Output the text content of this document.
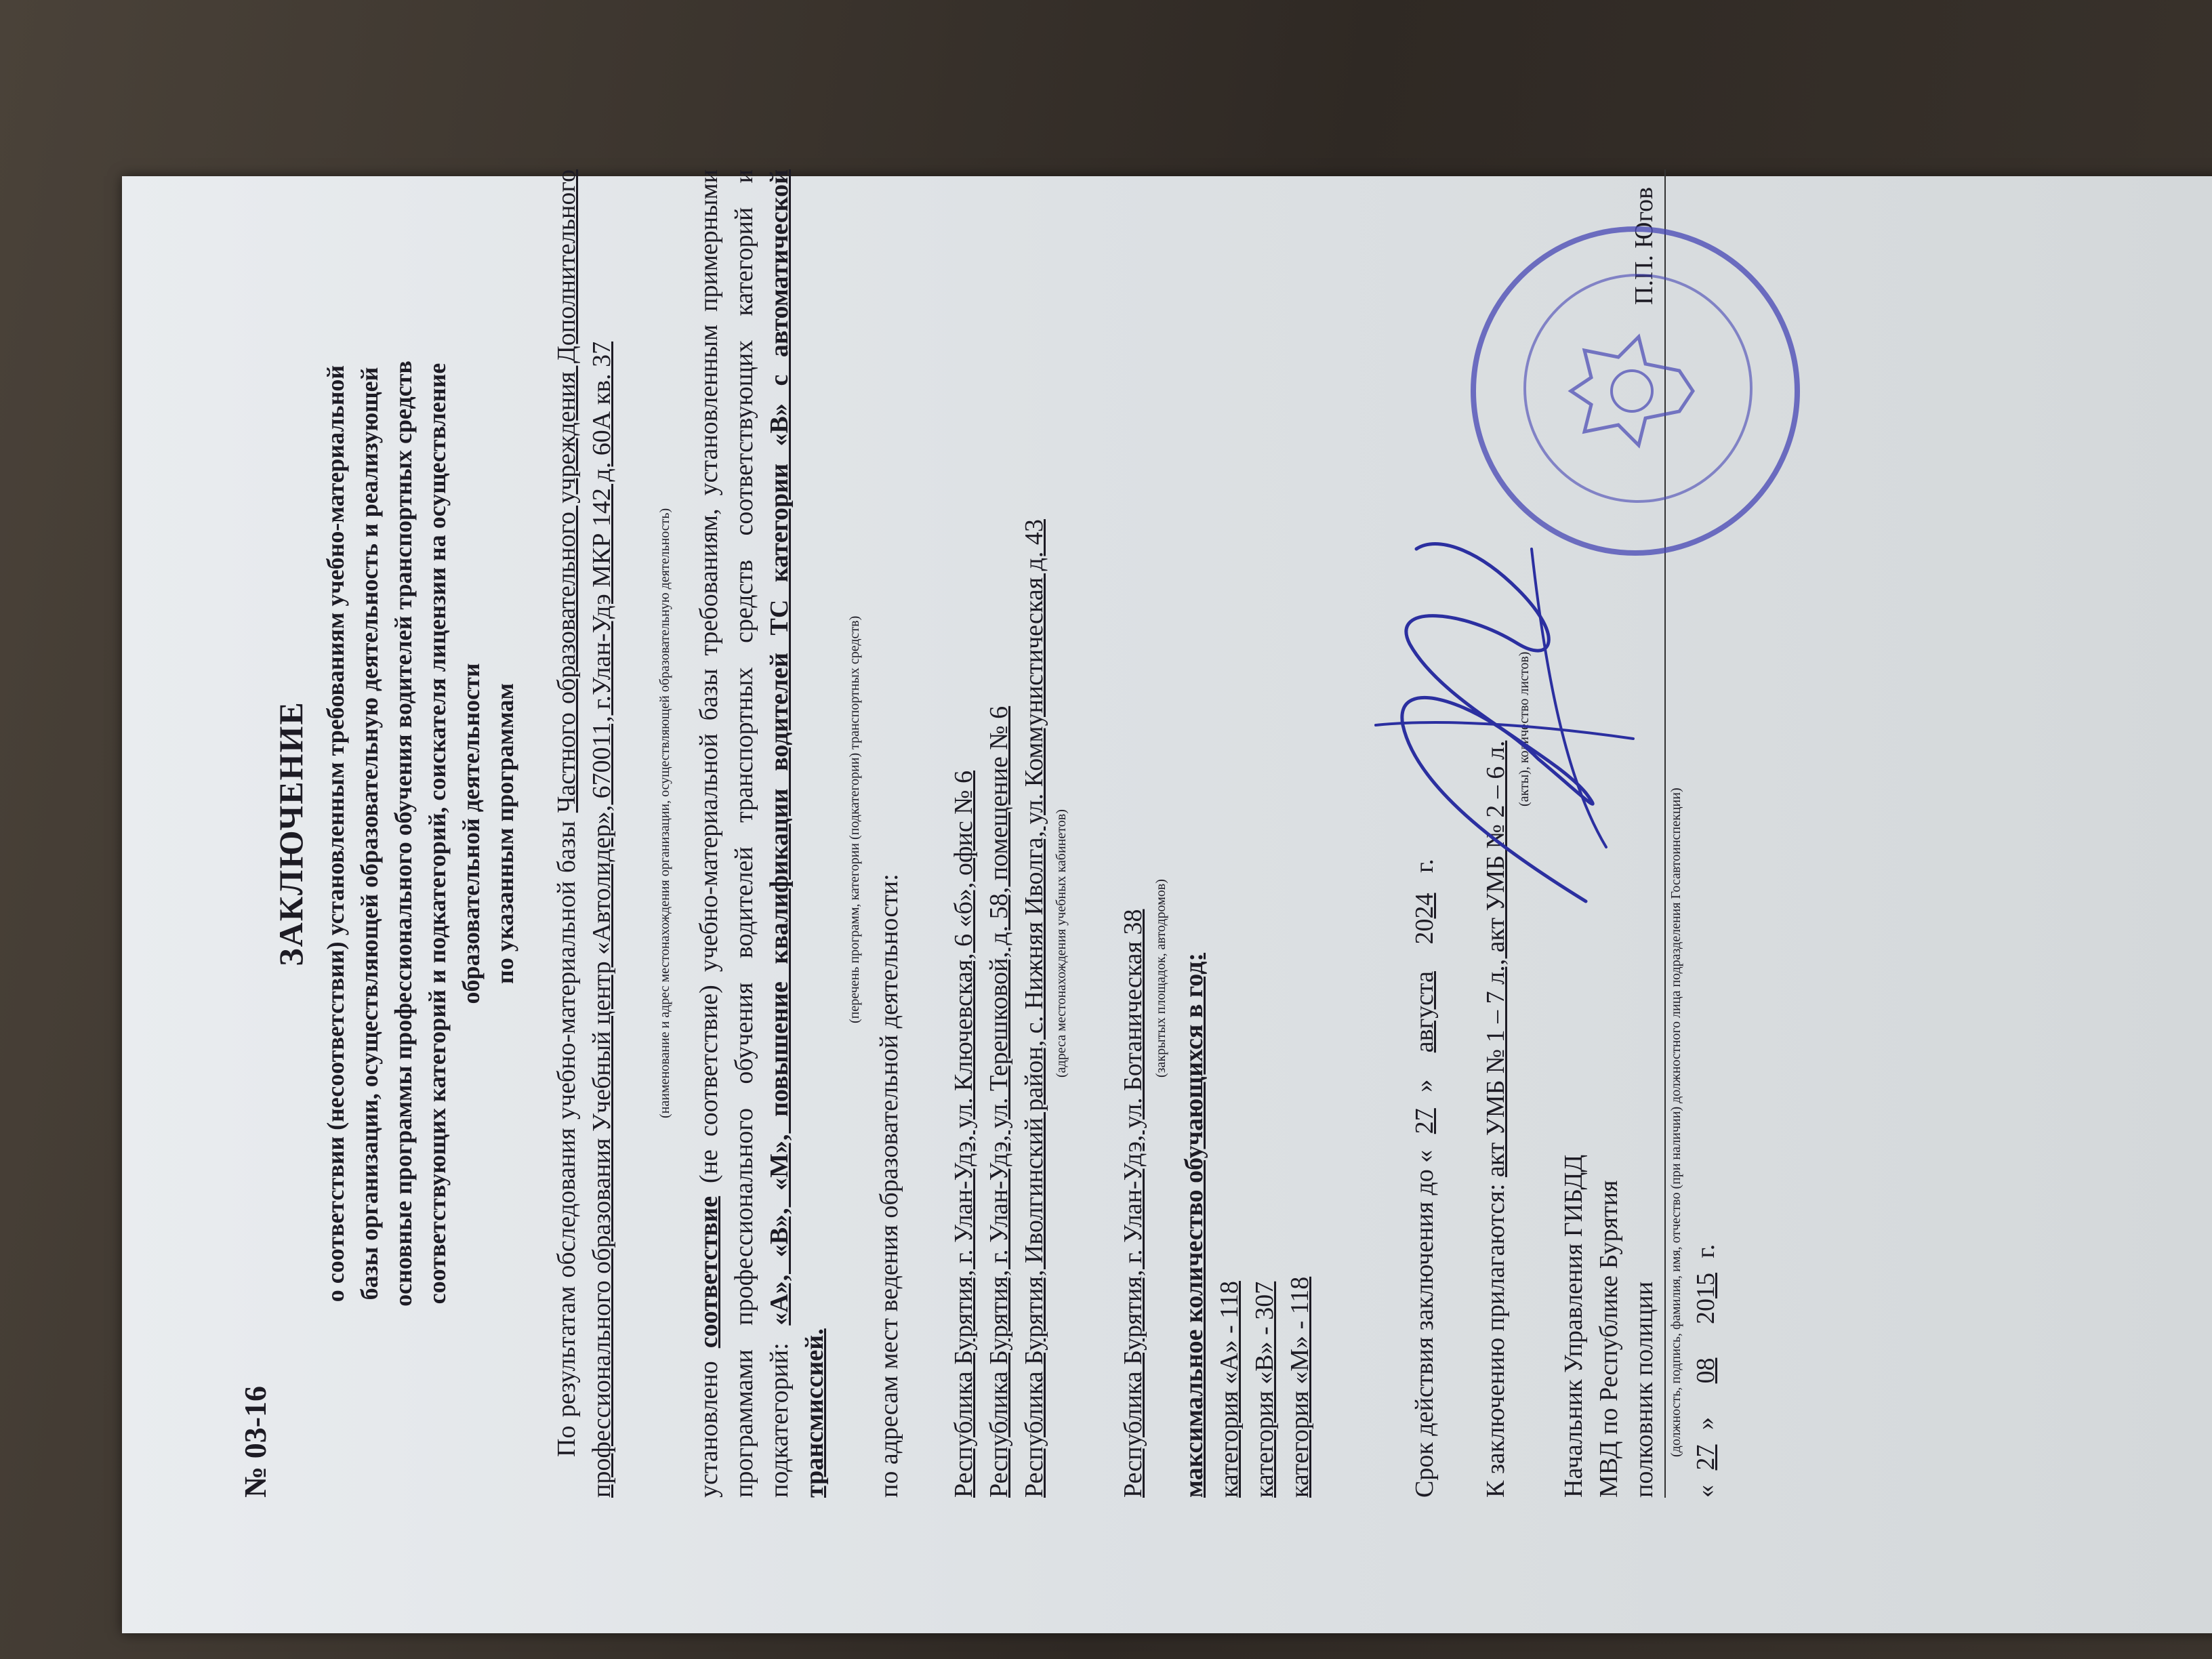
№ 03-16
ЗАКЛЮЧЕНИЕ о соответствии (несоответствии) установленным требованиям учебно-материальной базы организации, осуществляющей образовательную деятельность и реализующей основные программы профессионального обучения водителей транспортных средств соответствующих категорий и подкатегорий, соискателя лицензии на осуществление образовательной деятельности по указанным программам По результатам обследования учебно-материальной базы Частного образовательного учреждения Дополнительного профессионального образования Учебный центр «Автолидер», 670011, г.Улан-Удэ МКР 142 д. 60А кв. 37	(наименование и адрес местонахождения организации, осуществляющей образовательную деятельность)
установлено соответствие (не соответствие) учебно-материальной базы требованиям, установленным примерными программами профессионального обучения водителей транспортных средств соответствующих категорий и подкатегорий: «А», «В», «М», повышение квалификации водителей ТС категории «В» с автоматической трансмиссией.
(перечень программ, категории (подкатегории) транспортных средств)
по адресам мест ведения образовательной деятельности: Республика Бурятия, г. Улан-Удэ, ул. Ключевская, 6 «б», офис № 6 Республика Бурятия, г. Улан-Удэ, ул. Терешковой, д. 58, помещение № 6 Республика Бурятия, Иволгинский район, с. Нижняя Иволга, ул. Коммунистическая д. 43 (адреса местонахождения учебных кабинетов) Республика Бурятия, г. Улан-Удэ, ул. Ботаническая 38 (закрытых площадок, автодромов) максимальное количество обучающихся в год: категория «А» - 118 категория «В» - 307 категория «М» - 118	Срок действия заключения до « 27 » августа 2024 г.
К заключению прилагаются: акт УМБ № 1 – 7 л., акт УМБ № 2 – 6 л.
(акты), количество листов)
Начальник Управления ГИБДД МВД по Республике Бурятия полковник полиции
П.П. Югов
(должность, подпись, фамилия, имя, отчество (при наличии) должностного лица подразделения Госавтоинспекции)
« 27 » 08 2015 г.
